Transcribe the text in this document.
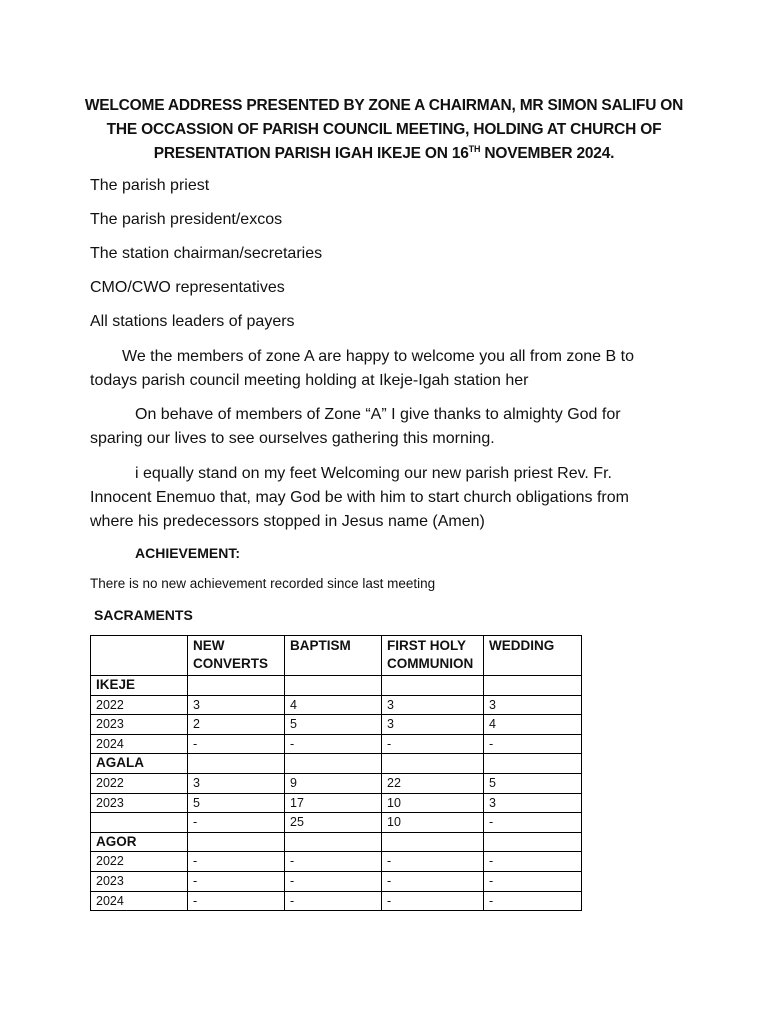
WELCOME ADDRESS PRESENTED BY ZONE A CHAIRMAN, MR SIMON SALIFU ON
THE OCCASSION OF PARISH COUNCIL MEETING, HOLDING AT CHURCH OF
PRESENTATION PARISH IGAH IKEJE ON 16TH NOVEMBER 2024.
The parish priest
The parish president/excos
The station chairman/secretaries
CMO/CWO representatives
All stations leaders of payers
We the members of zone A are happy to welcome you all from zone B to todays parish council meeting holding at Ikeje-Igah station her
On behave of members of Zone “A” I give thanks to almighty God for sparing our lives to see ourselves gathering this morning.
i equally stand on my feet Welcoming our new parish priest Rev. Fr. Innocent Enemuo that, may God be with him to start church obligations from where his predecessors stopped in Jesus name (Amen)
ACHIEVEMENT:
There is no new achievement recorded since last meeting
SACRAMENTS
	NEW CONVERTS	BAPTISM	FIRST HOLY COMMUNION	WEDDING
IKEJE				
2022	3	4	3	3
2023	2	5	3	4
2024	-	-	-	-
AGALA				
2022	3	9	22	5
2023	5	17	10	3
	-	25	10	-
AGOR				
2022	-	-	-	-
2023	-	-	-	-
2024	-	-	-	-
